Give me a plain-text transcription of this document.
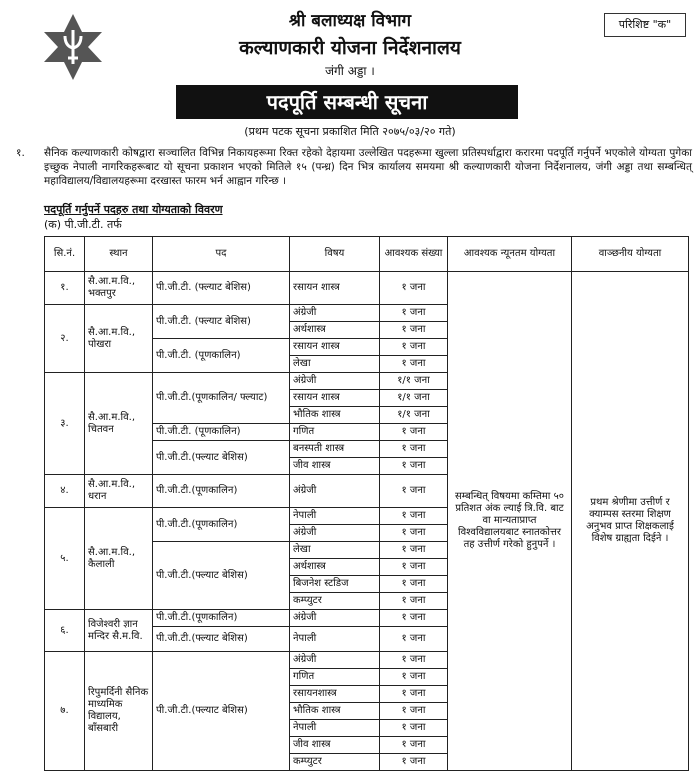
श्री बलाध्यक्ष विभाग
कल्याणकारी योजना निर्देशनालय
जंगी अड्डा ।
परिशिष्ट "क"
पदपूर्ति सम्बन्धी सूचना
(प्रथम पटक सूचना प्रकाशित मिति २०७५/०३/२० गते)
१.	सैनिक कल्याणकारी कोषद्वारा सञ्चालित विभिन्न निकायहरूमा रिक्त रहेको देहायमा उल्लेखित पदहरूमा खुल्ला प्रतिस्पर्धाद्वारा करारमा पदपूर्ति गर्नुपर्ने भएकोले योग्यता पुगेका इच्छुक नेपाली नागरिकहरूबाट यो सूचना प्रकाशन भएको मितिले १५ (पन्ध्र) दिन भित्र कार्यालय समयमा श्री कल्याणकारी योजना निर्देशनालय, जंगी अड्डा तथा सम्बन्धित् महाविद्यालय/विद्यालयहरूमा दरखास्त फारम भर्न आह्वान गरिन्छ ।
पदपूर्ति गर्नुपर्ने पदहरु तथा योग्यताको विवरण
(क) पी.जी.टी. तर्फ
सि.नं.	स्थान	पद	विषय	आवश्यक संख्या	आवश्यक न्यूनतम योग्यता	वाञ्छनीय योग्यता
१.	सै.आ.म.वि., भक्तपुर	पी.जी.टी. (फ्ल्याट बेशिस)	रसायन शास्त्र	१ जना	सम्बन्धित् विषयमा कम्तिमा ५० प्रतिशत अंक ल्याई त्रि.वि. बाट वा मान्यताप्राप्त विश्वविद्यालयबाट स्नातकोत्तर तह उत्तीर्ण गरेको हुनुपर्ने ।	प्रथम श्रेणीमा उत्तीर्ण र क्याम्पस स्तरमा शिक्षण अनुभव प्राप्त शिक्षकलाई विशेष ग्राह्यता दिईने ।
२.	सै.आ.म.वि., पोखरा	पी.जी.टी. (फ्ल्याट बेशिस)	अंग्रेजी	१ जना		
			अर्थशास्त्र	१ जना		
		पी.जी.टी. (पूणकालिन)	रसायन शास्त्र	१ जना		
			लेखा	१ जना		
३.	सै.आ.म.वि., चितवन	पी.जी.टी.(पूणकालिन/ फ्ल्याट)	अंग्रेजी	१/१ जना		
			रसायन शास्त्र	१/१ जना		
			भौतिक शास्त्र	१/१ जना		
		पी.जी.टी. (पूणकालिन)	गणित	१ जना		
		पी.जी.टी.(फ्ल्याट बेशिस)	बनस्पती शास्त्र	१ जना		
			जीव शास्त्र	१ जना		
४.	सै.आ.म.वि., धरान	पी.जी.टी.(पूणकालिन)	अंग्रेजी	१ जना		
५.	सै.आ.म.वि., कैलाली	पी.जी.टी.(पूणकालिन)	नेपाली	१ जना		
			अंग्रेजी	१ जना		
		पी.जी.टी.(फ्ल्याट बेशिस)	लेखा	१ जना		
			अर्थशास्त्र	१ जना		
			बिजनेश स्टडिज	१ जना		
			कम्प्युटर	१ जना		
६.	विजेश्वरी ज्ञान मन्दिर सै.म.वि.	पी.जी.टी.(पूणकालिन)	अंग्रेजी	१ जना		
		पी.जी.टी.(फ्ल्याट बेशिस)	नेपाली	१ जना		
७.	रिपुमर्दिनी सैनिक माध्यमिक विद्यालय, बाँसबारी	पी.जी.टी.(फ्ल्याट बेशिस)	अंग्रेजी	१ जना		
			गणित	१ जना		
			रसायनशास्त्र	१ जना		
			भौतिक शास्त्र	१ जना		
			नेपाली	१ जना		
			जीव शास्त्र	१ जना		
			कम्प्युटर	१ जना		
